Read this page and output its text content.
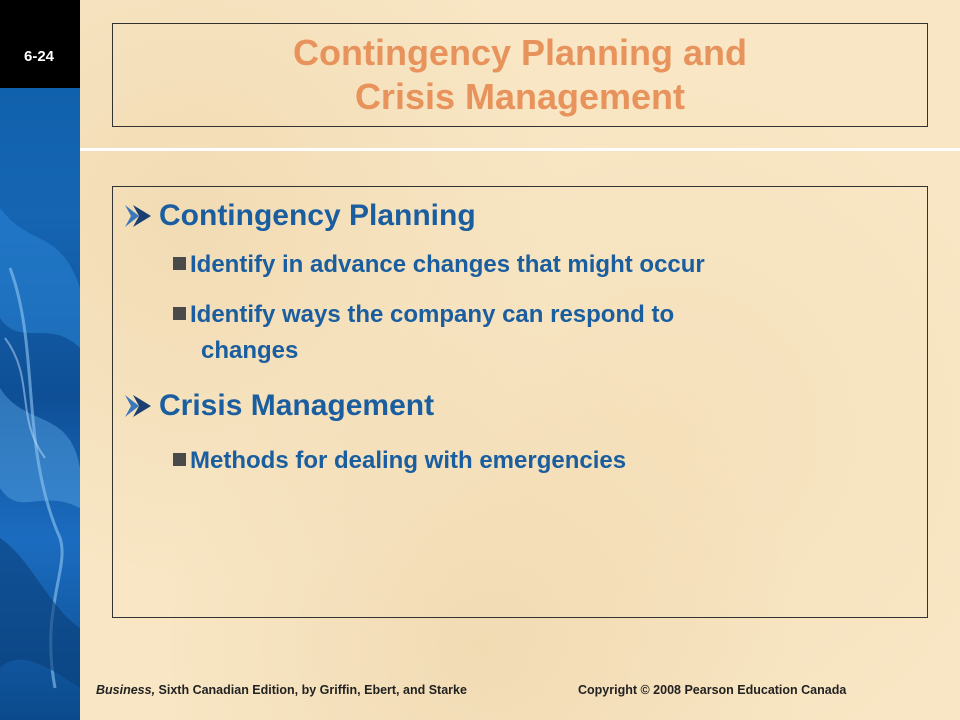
6-24	Contingency Planning and
Crisis Management
Contingency Planning
Identify in advance changes that might occur
Identify ways the company can respond to
changes
Crisis Management
Methods for dealing with emergencies
Business, Sixth Canadian Edition, by Griffin, Ebert, and Starke	Copyright © 2008 Pearson Education Canada
